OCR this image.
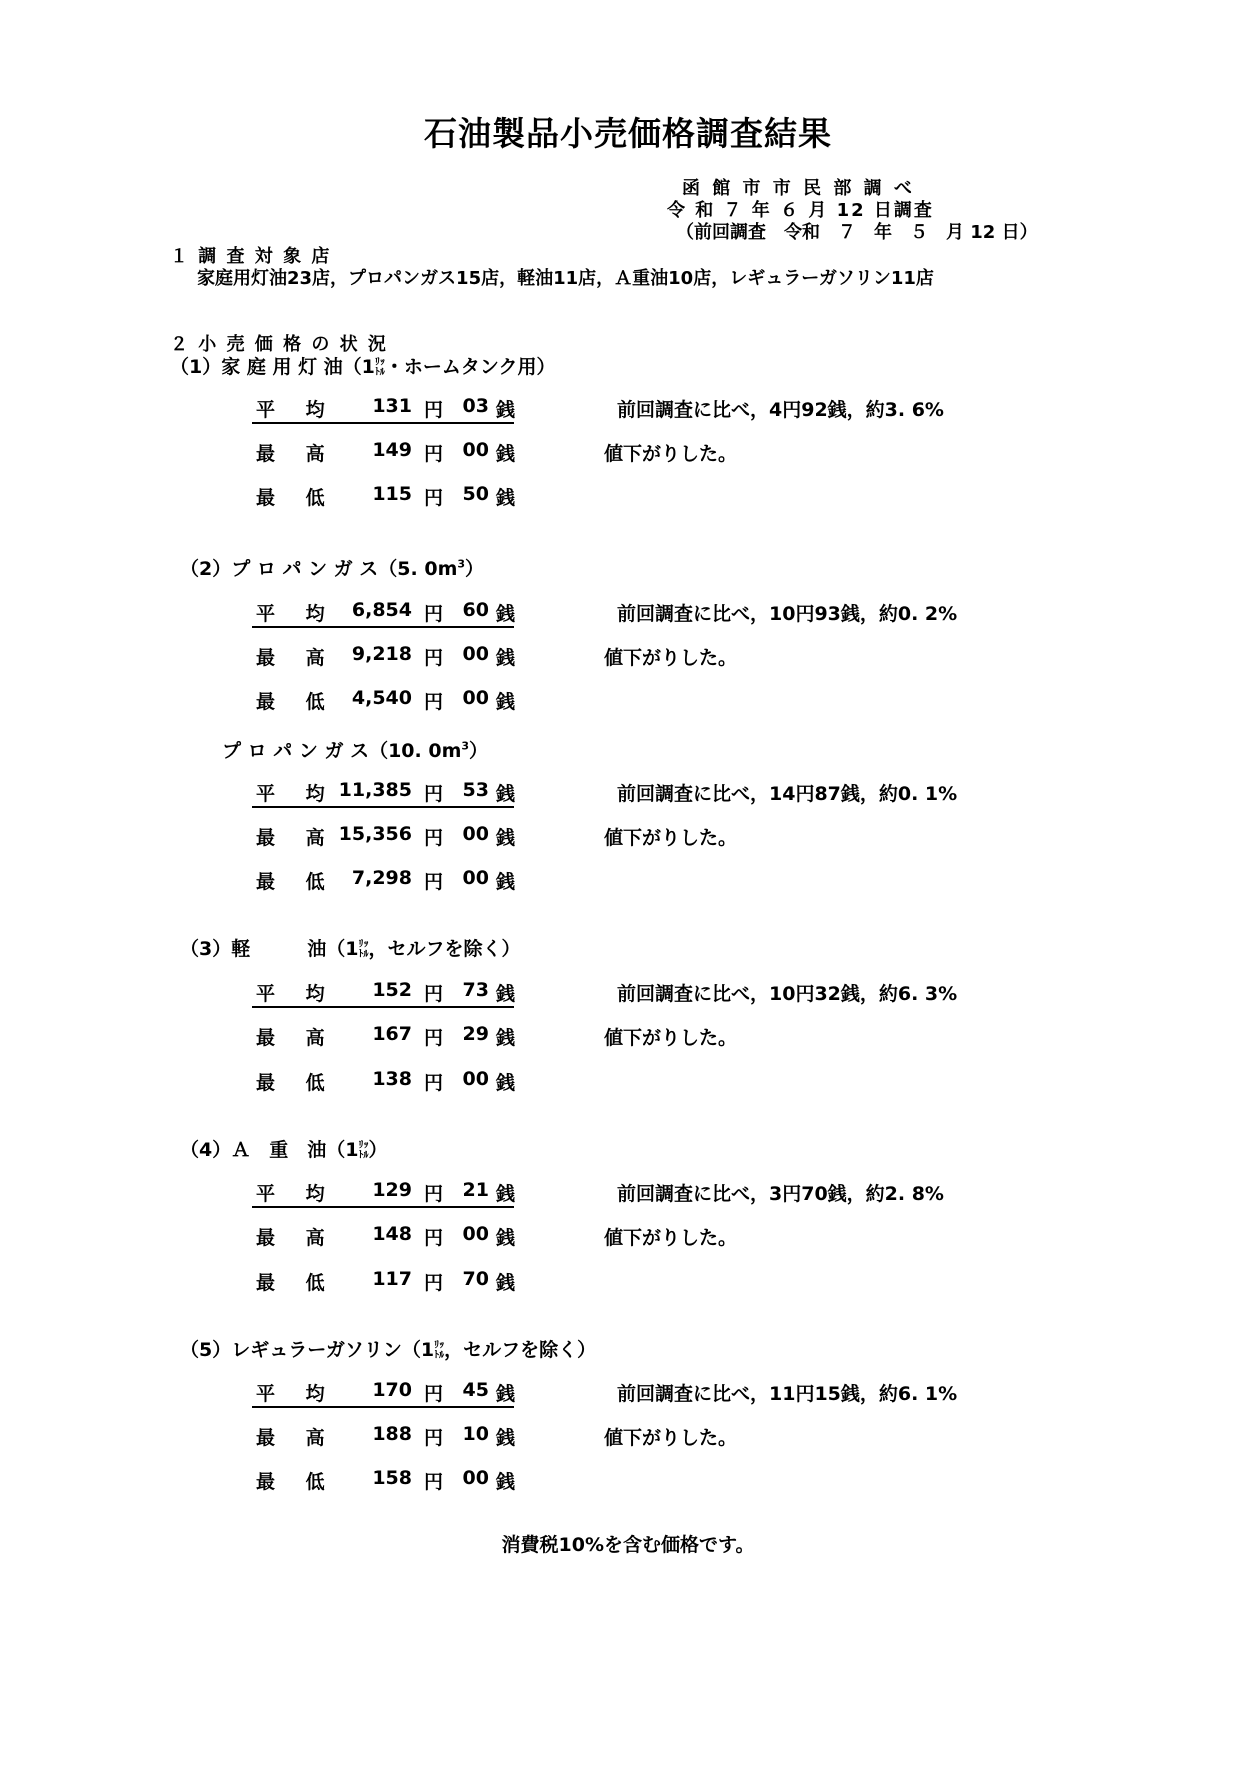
石油製品小売価格調査結果
函 館 市 市 民 部 調 べ
令 和 ７ 年 ６ 月 12 日調査
（前回調査　令和　７　年　５　月 12 日）
１ 調 査 対 象 店
家庭用灯油23店，プロパンガス15店，軽油11店，Ａ重油10店，レギュラーガソリン11店
２ 小 売 価 格 の 状 況
（1）家 庭 用 灯 油（1ﾘｯ
ﾄﾙ・ホームタンク用）
平 均	131 円	03 銭	前回調査に比べ，4円92銭，約3. 6%
最 高	149 円	00 銭	値下がりした。
最 低	115 円	50 銭
（2）プ ロ パ ン ガ ス（5. $0m^3$）
平 均 6,854 円	60 銭	前回調査に比べ，10円93銭，約0. 2%
最 高 9,218 円	00 銭	値下がりした。
最 低 4,540 円	00 銭
プ ロ パ ン ガ ス（10. $0m^3$）
平 均 11,385 円	53 銭	前回調査に比べ，14円87銭，約0. 1%
最 高 15,356 円	00 銭	値下がりした。
最 低 7,298 円	00 銭
（3）軽　　　油（1ﾘｯ
ﾄﾙ，セルフを除く）
平 均	152 円	73 銭	前回調査に比べ，10円32銭，約6. 3%
最 高	167 円	29 銭	値下がりした。
最 低	138 円	00 銭
（4）Ａ　重　油（1ﾘｯ
ﾄﾙ）
平 均	129 円	21 銭	前回調査に比べ，3円70銭，約2. 8%
最 高	148 円	00 銭	値下がりした。
最 低	117 円	70 銭
（5）レギュラーガソリン（1ﾘｯ
ﾄﾙ，セルフを除く）
平 均	170 円	45 銭	前回調査に比べ，11円15銭，約6. 1%
最 高	188 円	10 銭	値下がりした。
最 低	158 円	00 銭
消費税10%を含む価格です。
